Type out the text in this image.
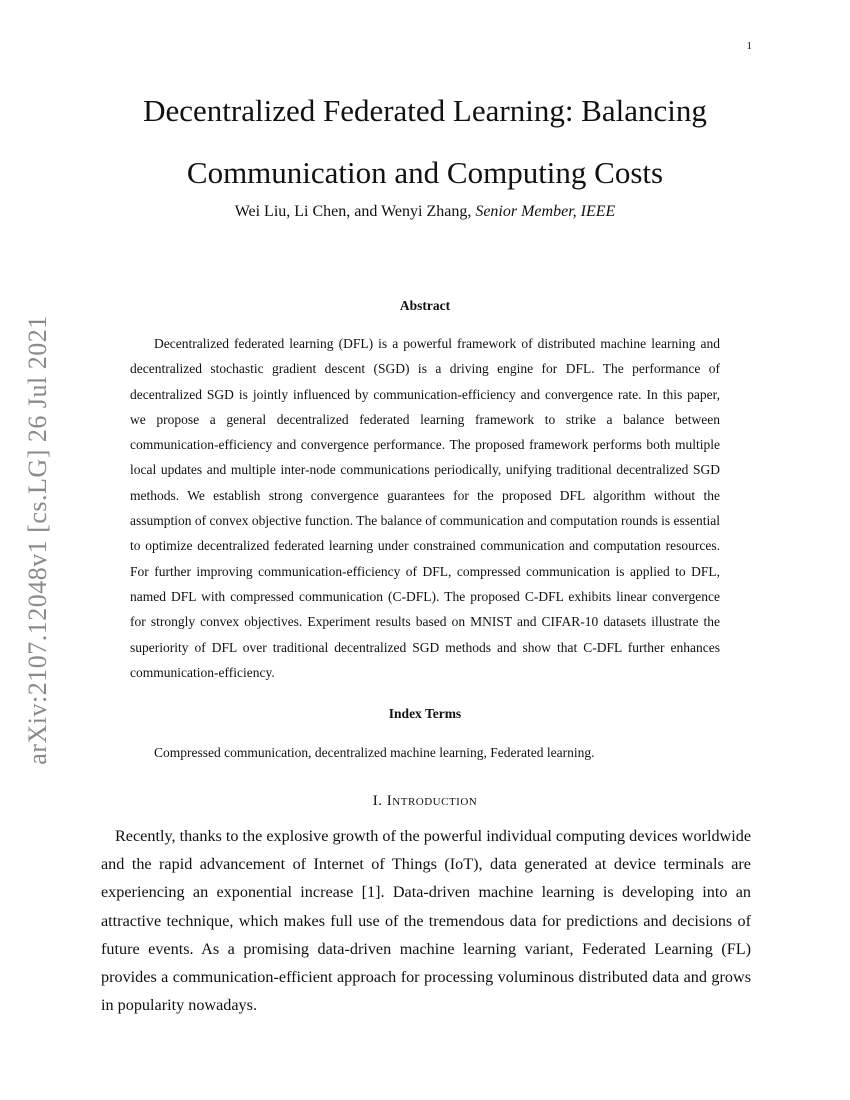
1
arXiv:2107.12048v1 [cs.LG] 26 Jul 2021
Decentralized Federated Learning: Balancing Communication and Computing Costs
Wei Liu, Li Chen, and Wenyi Zhang, Senior Member, IEEE
Abstract

Decentralized federated learning (DFL) is a powerful framework of distributed machine learning and decentralized stochastic gradient descent (SGD) is a driving engine for DFL. The performance of decentralized SGD is jointly influenced by communication-efficiency and convergence rate. In this paper, we propose a general decentralized federated learning framework to strike a balance between communication-efficiency and convergence performance. The proposed framework performs both multiple local updates and multiple inter-node communications periodically, unifying traditional decentralized SGD methods. We establish strong convergence guarantees for the proposed DFL algorithm without the assumption of convex objective function. The balance of communication and computation rounds is essential to optimize decentralized federated learning under constrained communication and computation resources. For further improving communication-efficiency of DFL, compressed communication is applied to DFL, named DFL with compressed communication (C-DFL). The proposed C-DFL exhibits linear convergence for strongly convex objectives. Experiment results based on MNIST and CIFAR-10 datasets illustrate the superiority of DFL over traditional decentralized SGD methods and show that C-DFL further enhances communication-efficiency.

Index Terms

Compressed communication, decentralized machine learning, Federated learning.

I. Introduction

Recently, thanks to the explosive growth of the powerful individual computing devices worldwide and the rapid advancement of Internet of Things (IoT), data generated at device terminals are experiencing an exponential increase [1]. Data-driven machine learning is developing into an attractive technique, which makes full use of the tremendous data for predictions and decisions of future events. As a promising data-driven machine learning variant, Federated Learning (FL) provides a communication-efficient approach for processing voluminous distributed data and grows in popularity nowadays.
